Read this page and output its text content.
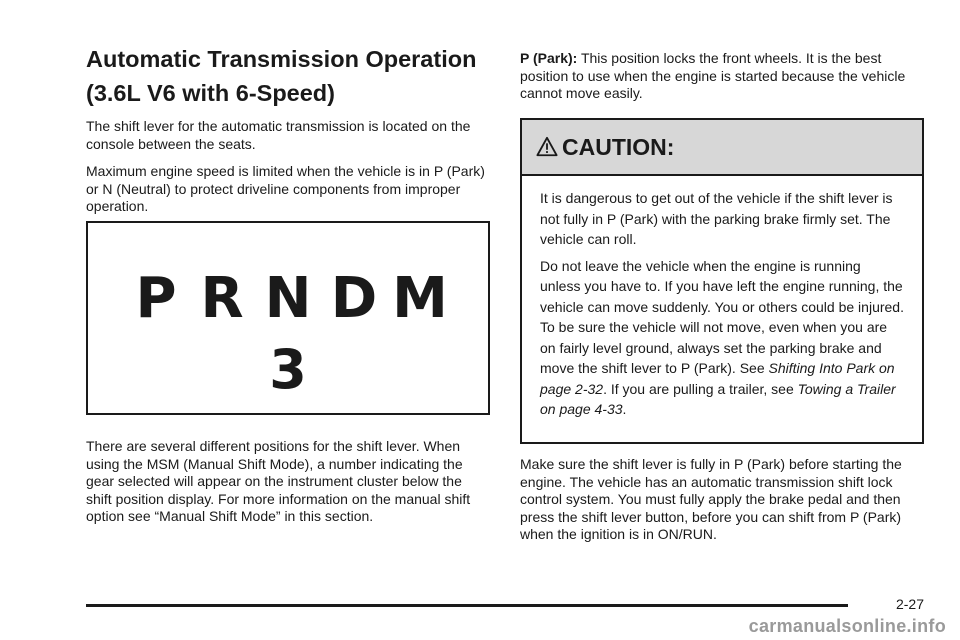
Automatic Transmission Operation
(3.6L V6 with 6-Speed)

The shift lever for the automatic transmission is located on the console between the seats.

Maximum engine speed is limited when the vehicle is in P (Park) or N (Neutral) to protect driveline components from improper operation.

P R N D M
3

There are several different positions for the shift lever. When using the MSM (Manual Shift Mode), a number indicating the gear selected will appear on the instrument cluster below the shift position display. For more information on the manual shift option see “Manual Shift Mode” in this section.

P (Park): This position locks the front wheels. It is the best position to use when the engine is started because the vehicle cannot move easily.

CAUTION:

It is dangerous to get out of the vehicle if the shift lever is not fully in P (Park) with the parking brake firmly set. The vehicle can roll.

Do not leave the vehicle when the engine is running unless you have to. If you have left the engine running, the vehicle can move suddenly. You or others could be injured. To be sure the vehicle will not move, even when you are on fairly level ground, always set the parking brake and move the shift lever to P (Park). See Shifting Into Park on page 2-32. If you are pulling a trailer, see Towing a Trailer on page 4-33.

Make sure the shift lever is fully in P (Park) before starting the engine. The vehicle has an automatic transmission shift lock control system. You must fully apply the brake pedal and then press the shift lever button, before you can shift from P (Park) when the ignition is in ON/RUN.

2-27
carmanualsonline.info
